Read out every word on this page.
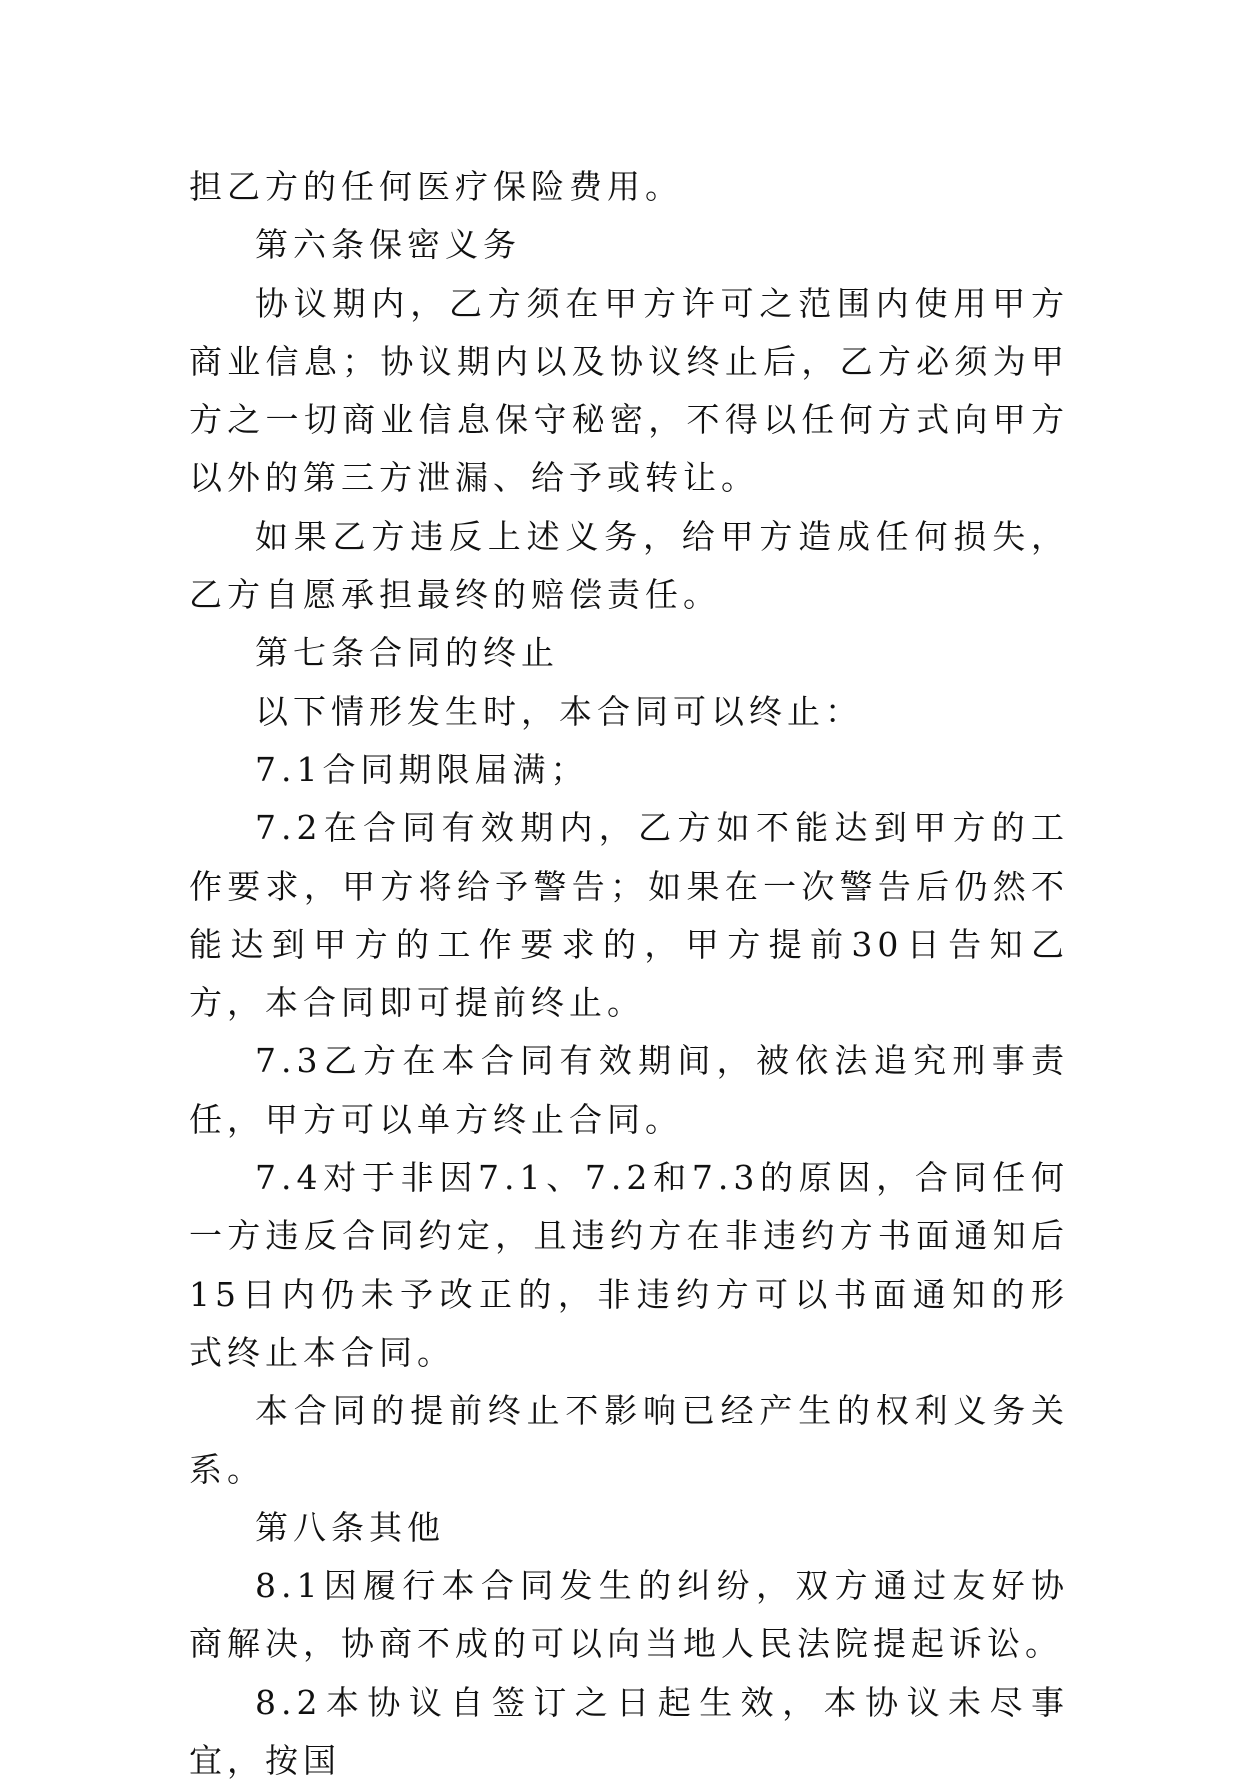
担乙方的任何医疗保险费用。

第六条保密义务

协议期内，乙方须在甲方许可之范围内使用甲方商业信息；协议期内以及协议终止后，乙方必须为甲方之一切商业信息保守秘密，不得以任何方式向甲方以外的第三方泄漏、给予或转让。

如果乙方违反上述义务，给甲方造成任何损失，乙方自愿承担最终的赔偿责任。

第七条合同的终止

以下情形发生时，本合同可以终止：

7.1合同期限届满；

7.2在合同有效期内，乙方如不能达到甲方的工作要求，甲方将给予警告；如果在一次警告后仍然不能达到甲方的工作要求的，甲方提前30日告知乙方，本合同即可提前终止。

7.3乙方在本合同有效期间，被依法追究刑事责任，甲方可以单方终止合同。

7.4对于非因7.1、7.2和7.3的原因，合同任何一方违反合同约定，且违约方在非违约方书面通知后15日内仍未予改正的，非违约方可以书面通知的形式终止本合同。

本合同的提前终止不影响已经产生的权利义务关系。

第八条其他

8.1因履行本合同发生的纠纷，双方通过友好协商解决，协商不成的可以向当地人民法院提起诉讼。

8.2本协议自签订之日起生效，本协议未尽事宜，按国
